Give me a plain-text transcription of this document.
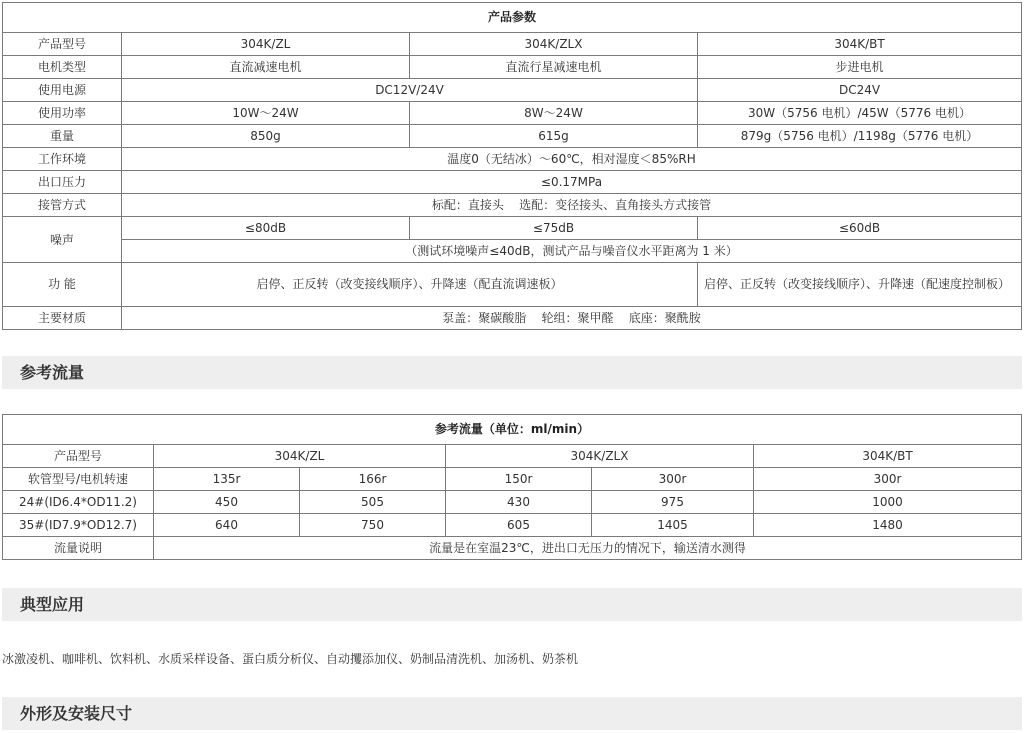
产品参数			
产品型号	304K/ZL	304K/ZLX	304K/BT
电机类型	直流减速电机	直流行星减速电机	步进电机
使用电源	DC12V/24V		DC24V
使用功率	10W～24W	8W～24W	30W（5756 电机）/45W（5776 电机）
重量	850g	615g	879g（5756 电机）/1198g（5776 电机）
工作环境	温度0（无结冰）～60℃，相对湿度＜85%RH		
出口压力	≤0.17MPa		
接管方式	标配：直接头    选配：变径接头、直角接头方式接管		
噪声	≤80dB	≤75dB	≤60dB
	（测试环境噪声≤40dB，测试产品与噪音仪水平距离为 1 米）		
功 能	启停、正反转（改变接线顺序）、升降速（配直流调速板）		启停、正反转（改变接线顺序）、升降速（配速度控制板）
主要材质	泵盖：聚碳酸脂    轮组：聚甲醛    底座：聚酰胺		
参考流量
参考流量（单位：ml/min）					
产品型号	304K/ZL		304K/ZLX		304K/BT
软管型号/电机转速	135r	166r	150r	300r	300r
24#(ID6.4*OD11.2)	450	505	430	975	1000
35#(ID7.9*OD12.7)	640	750	605	1405	1480
流量说明	流量是在室温23℃，进出口无压力的情况下，输送清水测得				
典型应用
冰激凌机、咖啡机、饮料机、水质采样设备、蛋白质分析仪、自动攫添加仪、奶制品清洗机、加汤机、奶茶机
外形及安装尺寸
